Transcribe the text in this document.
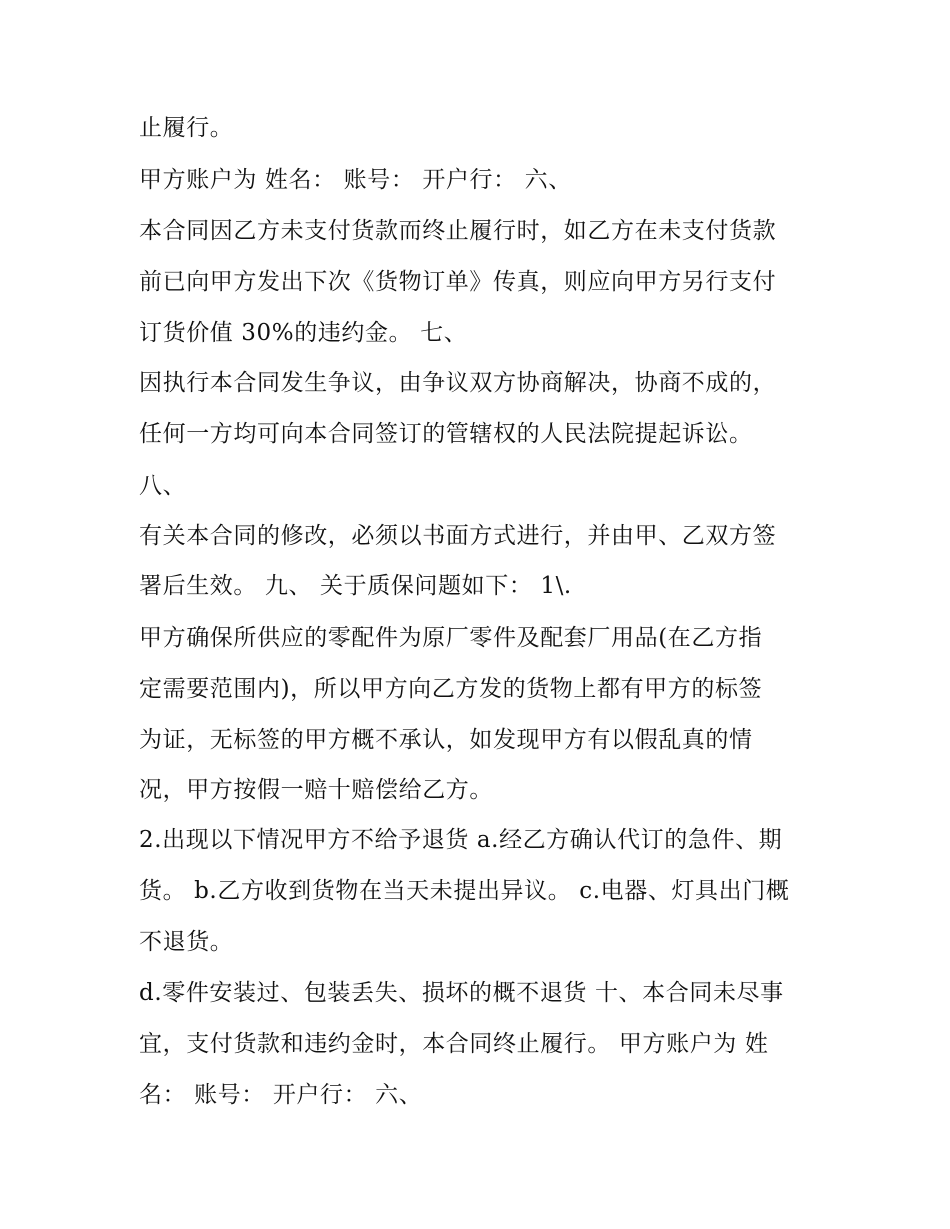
止履行。
甲方账户为 姓名： 账号： 开户行： 六、
本合同因乙方未支付货款而终止履行时，如乙方在未支付货款
前已向甲方发出下次《货物订单》传真，则应向甲方另行支付
订货价值 30%的违约金。 七、
因执行本合同发生争议，由争议双方协商解决，协商不成的，
任何一方均可向本合同签订的管辖权的人民法院提起诉讼。
八、
有关本合同的修改，必须以书面方式进行，并由甲、乙双方签
署后生效。 九、 关于质保问题如下： 1\.
甲方确保所供应的零配件为原厂零件及配套厂用品(在乙方指
定需要范围内)，所以甲方向乙方发的货物上都有甲方的标签
为证，无标签的甲方概不承认，如发现甲方有以假乱真的情
况，甲方按假一赔十赔偿给乙方。
2.出现以下情况甲方不给予退货 a.经乙方确认代订的急件、期
货。 b.乙方收到货物在当天未提出异议。 c.电器、灯具出门概
不退货。
d.零件安装过、包装丢失、损坏的概不退货 十、本合同未尽事
宜，支付货款和违约金时，本合同终止履行。 甲方账户为 姓
名： 账号： 开户行： 六、
